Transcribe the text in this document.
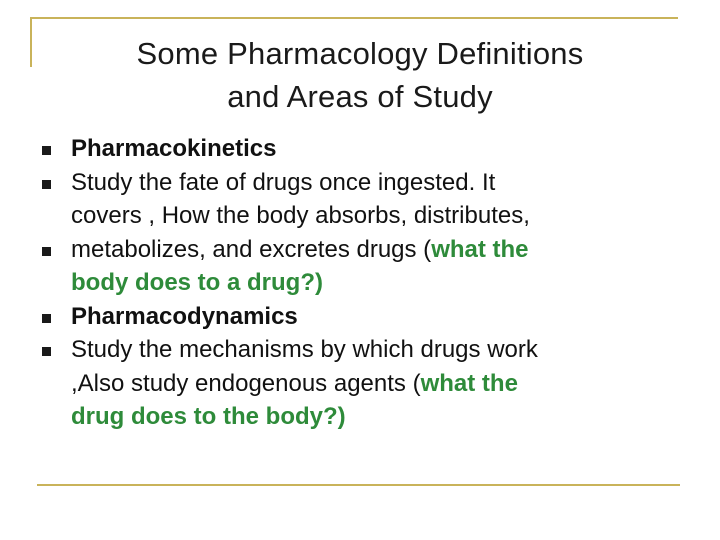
Some Pharmacology Definitions
and Areas of Study
Pharmacokinetics
Study the fate of drugs once ingested. It
covers , How the body absorbs, distributes,
metabolizes, and excretes drugs (what the
body does to a drug?)
Pharmacodynamics
Study the mechanisms by which drugs work
,Also study endogenous agents (what the
drug does to the body?)
